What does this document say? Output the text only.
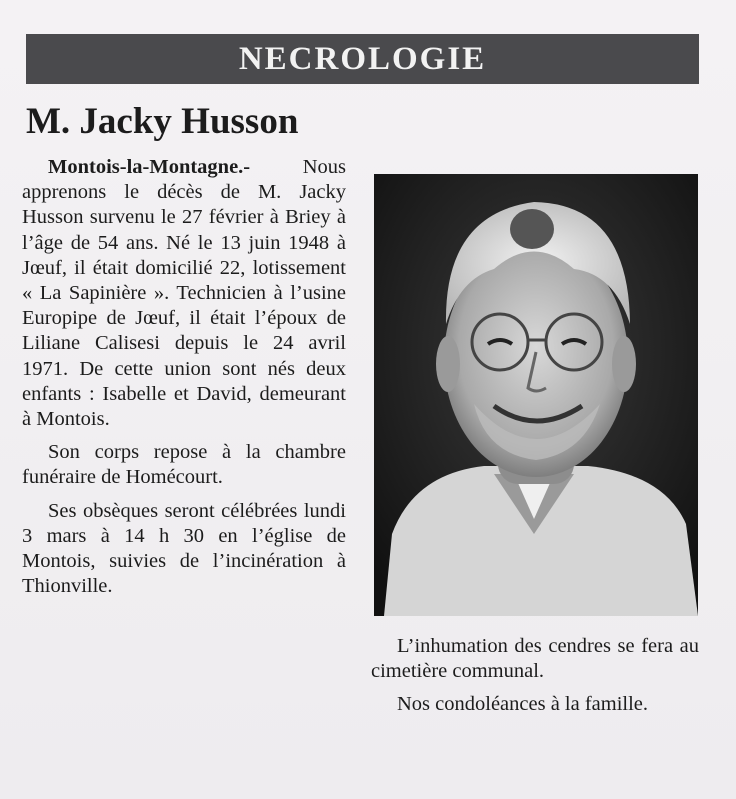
NECROLOGIE
M. Jacky Husson

Montois-la-Montagne.-	Nous apprenons le décès de M. Jacky Husson survenu le 27 février à Briey à l’âge de 54 ans. Né le 13 juin 1948 à Jœuf, il était domicilié 22, lotissement « La Sapinière ». Technicien à l’usine Europipe de Jœuf, il était l’époux de Liliane Calisesi depuis le 24 avril 1971. De cette union sont nés deux enfants : Isabelle et David, demeurant à Montois.

Son corps repose à la chambre funéraire de Homécourt.

Ses obsèques seront célébrées lundi 3 mars à 14 h 30 en l’église de Montois, suivies de l’incinération à Thionville.

L’inhumation des cendres se fera au cimetière communal.

Nos condoléances à la famille.
